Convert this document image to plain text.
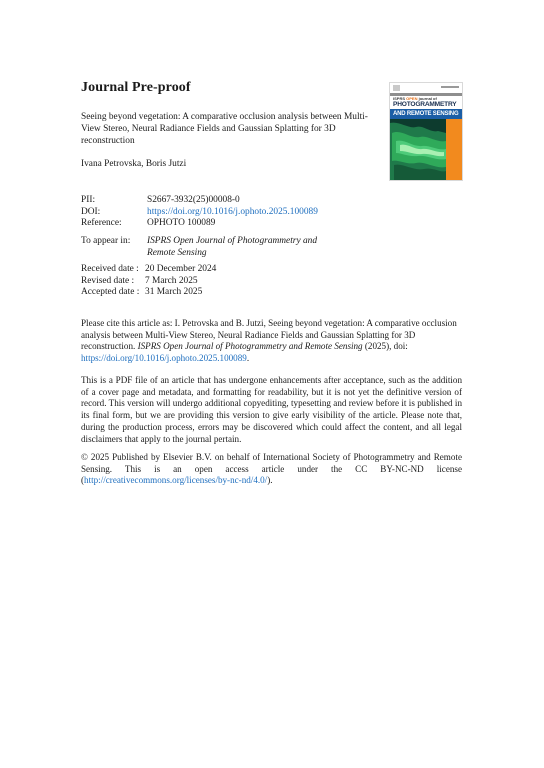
Journal Pre-proof
Seeing beyond vegetation: A comparative occlusion analysis between Multi-View Stereo, Neural Radiance Fields and Gaussian Splatting for 3D reconstruction
Ivana Petrovska, Boris Jutzi
ISPRS OPEN journal of
PHOTOGRAMMETRY
AND REMOTE SENSING
PII:	S2667-3932(25)00008-0
DOI:	https://doi.org/10.1016/j.ophoto.2025.100089
Reference:	OPHOTO 100089
To appear in:	ISPRS Open Journal of Photogrammetry and
Remote Sensing
Received date : 20 December 2024
Revised date :	7 March 2025
Accepted date : 31 March 2025
Please cite this article as: I. Petrovska and B. Jutzi, Seeing beyond vegetation: A comparative occlusion analysis between Multi-View Stereo, Neural Radiance Fields and Gaussian Splatting for 3D reconstruction. ISPRS Open Journal of Photogrammetry and Remote Sensing (2025), doi: https://doi.org/10.1016/j.ophoto.2025.100089.
This is a PDF file of an article that has undergone enhancements after acceptance, such as the addition of a cover page and metadata, and formatting for readability, but it is not yet the definitive version of record. This version will undergo additional copyediting, typesetting and review before it is published in its final form, but we are providing this version to give early visibility of the article. Please note that, during the production process, errors may be discovered which could affect the content, and all legal disclaimers that apply to the journal pertain.
© 2025 Published by Elsevier B.V. on behalf of International Society of Photogrammetry and Remote Sensing. This is an open access article under the CC BY-NC-ND license (http://creativecommons.org/licenses/by-nc-nd/4.0/).
